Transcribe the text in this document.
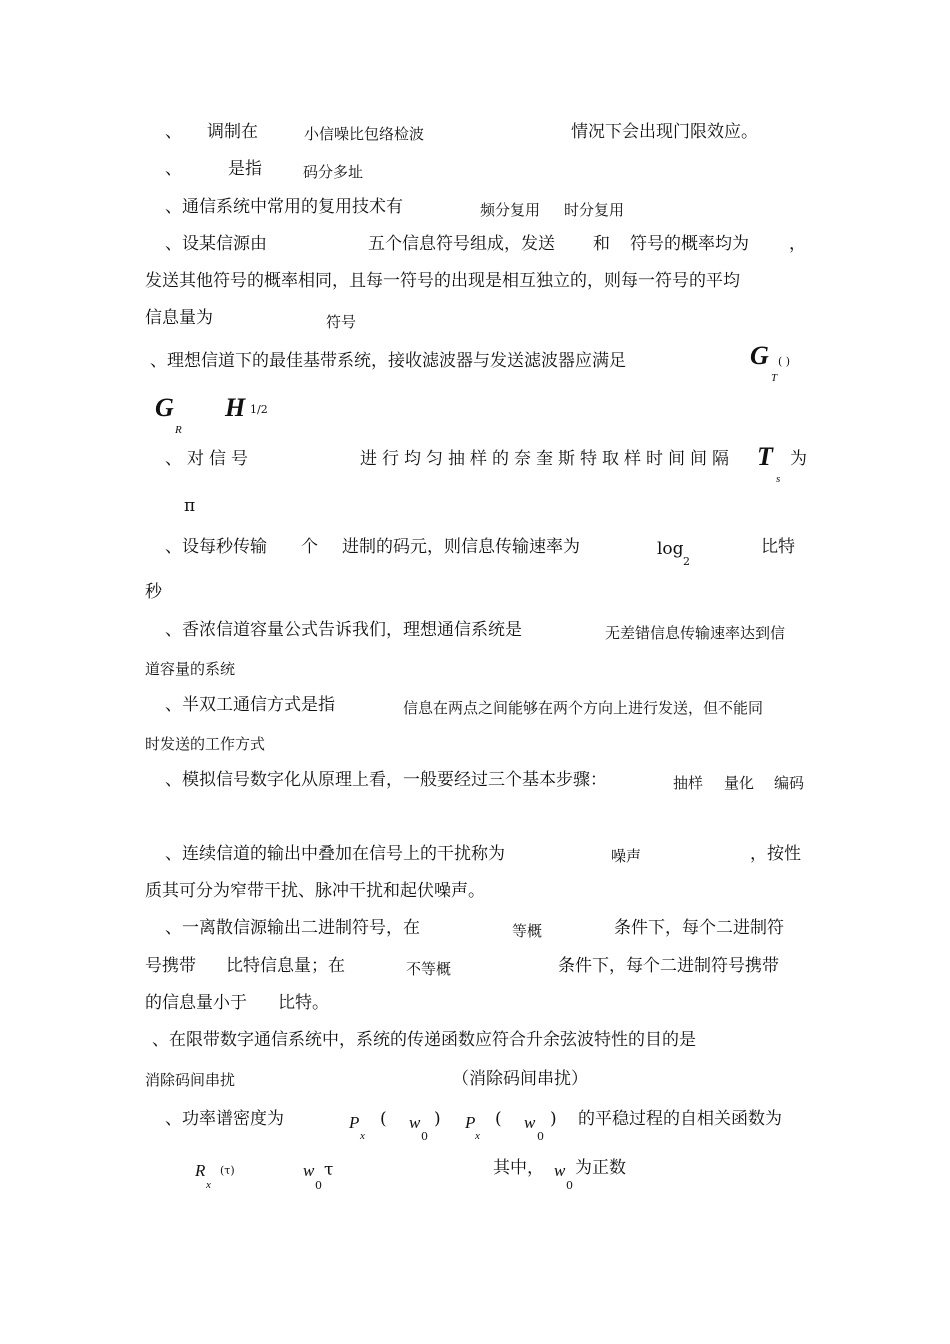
、 调制在	小信噪比包络检波	情况下会出现门限效应。
、	是指	码分多址
、通信系统中常用的复用技术有	频分复用 时分复用
、设某信源由	五个信息符号组成，发送 和 符号的概率均为 ，
发送其他符号的概率相同，且每一符号的出现是相互独立的，则每一符号的平均
信息量为	符号
、理想信道下的最佳基带系统，接收滤波器与发送滤波器应满足	G
T
( )
G
R
H 1/2
、对信号	进行均匀抽样的奈奎斯特取样时间间隔 T
s
为
π
、设每秒传输 个 进制的码元，则信息传输速率为	log
2
比特
秒
、香浓信道容量公式告诉我们，理想通信系统是	无差错信息传输速率达到信
道容量的系统
、半双工通信方式是指	信息在两点之间能够在两个方向上进行发送，但不能同
时发送的工作方式
、模拟信号数字化从原理上看，一般要经过三个基本步骤：	抽样 量化 编码
、连续信道的输出中叠加在信号上的干扰称为	噪声	，按性
质其可分为窄带干扰、脉冲干扰和起伏噪声。
、一离散信源输出二进制符号，在	等概	条件下，每个二进制符
号携带 比特信息量；在	不等概	条件下，每个二进制符号携带
的信息量小于 比特。
、在限带数字通信系统中，系统的传递函数应符合升余弦波特性的目的是
消除码间串扰	（消除码间串扰）
、功率谱密度为	P
x
( w
0
) P
x
( w
0
) 的平稳过程的自相关函数为
R
x
(τ)	w
0
τ	其中， w
0
为正数
